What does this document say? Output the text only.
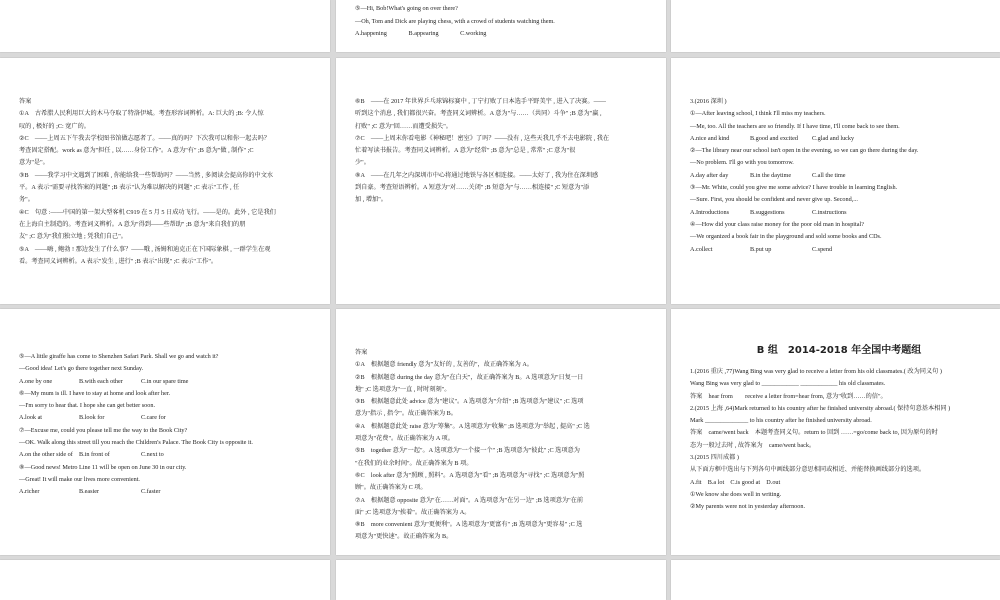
⑤—Hi, Bob!What's going on over there?
—Oh, Tom and Dick are playing chess, with a crowd of students watching them.
A.happening	B.appearing	C.working
答案
①A　古希腊人民利用巨大的木马夺取了特洛伊城。考查形容词辨析。A: 巨大的 ;B: 令人惊
叹的 , 极好的 ;C: 宽广的。
②C　——上周五下午我去学校图书馆做志愿者了。——真的吗？下次我可以和你一起去吗？
考查固定搭配。work as 意为"担任 , 以……身份工作"。A 意为"有" ;B 意为"做 , 制作" ;C
意为"是"。
③B　——我学习中文遇到了困难 , 你能给我一些帮助吗？——当然 , 多阅读会提高你的中文水
平。A 表示"需要寻找答案的问题" ;B 表示"认为难以解决的问题" ;C 表示"工作 , 任
务"。
④C　句意 :——中国的第一架大型客机 C919 在 5 月 5 日成功飞行。——是的。此外 , 它是我们
在上海自主制造的。考查词义辨析。A 意为"得到——些帮助" ;B 意为"来自我们的朋
友" ;C 意为"我们独立地 ; 凭我们自己"。
⑤A　——嗨 , 鲍勃 ! 那边发生了什么事？——哦 , 汤姆和迪克正在下国际象棋 , 一群学生在观
看。考查同义词辨析。A 表示"发生 , 进行" ;B 表示"出现" ;C 表示"工作"。
⑥B　——在 2017 年世界乒乓球锦标赛中 , 丁宁打败了日本选手平野美宇 , 进入了决赛。——
听到这个消息 , 我们都很兴奋。考查同义词辨析。A 意为"与……（共同）斗争" ;B 意为"赢 ,
打败" ;C 意为"回……而遭受损失"。
⑦C　——上周末你看电影《神秘吧！密室》了吗？——没有 , 这些天我几乎不去电影院 , 我在
忙着写读书报告。考查同义词辨析。A 意为"经常" ;B 意为"总是 , 常常" ;C 意为"很
少"。
⑧A　——在几年之内深圳市中心将通过地铁与各区相连接。——太好了 , 我为住在深圳感
到自豪。考查短语辨析。A 短意为"对……关闭" ;B 短意为"与……相连接" ;C 短意为"添
加 , 增加"。
3.(2016 深圳 )
①—After leaving school, I think I'll miss my teachers.
—Me, too. All the teachers are so friendly. If I have time, I'll come back to see them.
A.nice and kind	B.good and excited C.glad and lucky
②—The library near our school isn't open in the evening, so we can go there during the day.
—No problem. I'll go with you tomorrow.
A.day after day	B.in the daytime	C.all the time
③—Mr. White, could you give me some advice? I have trouble in learning English.
—Sure. First, you should be confident and never give up. Second,...
A.Introductions	B.suggestions	C.instructions
④—How did your class raise money for the poor old man in hospital?
—We organized a book fair in the playground and sold some books and CDs.
A.collect	B.put up	C.spend
⑤—A little giraffe has come to Shenzhen Safari Park. Shall we go and watch it?
—Good idea! Let's go there together next Sunday.
A.one by one	B.with each other	C.in our spare time
⑥—My mum is ill. I have to stay at home and look after her.
—I'm sorry to hear that. I hope she can get better soon.
A.look at	B.look for	C.care for
⑦—Excuse me, could you please tell me the way to the Book City?
—OK. Walk along this street till you reach the Children's Palace. The Book City is opposite it.
A.on the other side of B.in front of	C.next to
⑧—Good news! Metro Line 11 will be open on June 30 in our city.
—Great! It will make our lives more convenient.
A.richer	B.easier	C.faster
答案
①A　根据题意 friendly 意为"友好的 , 友善的"，故正确答案为 A。
②B　根据题意 during the day 意为"在白天"，故正确答案为 B。A 选项意为"日复一日
地" ;C 选项意为"一直 , 时时刻刻"。
③B　根据题意此处 advice 意为"建议"。A 选项意为"介绍" ;B 选项意为"建议" ;C 选项
意为"指示 , 指令"。故正确答案为 B。
④A　根据题意此处 raise 意为"筹集"。A 选项意为"收集" ;B 选项意为"举起 , 提高" ;C 选
项意为"花费"。故正确答案为 A 项。
⑤B　together 意为"一起"。A 选项意为"一个接一个" ;B 选项意为"彼此" ;C 选项意为
"在我们的业余时间"。故正确答案为 B 项。
⑥C　look after 意为"照顾 , 照料"。A 选项意为"看" ;B 选项意为"寻找" ;C 选项意为"照
顾"。故正确答案为 C 项。
⑦A　根据题意 opposite 意为"在……对面"。A 选项意为"在另一边" ;B 选项意为"在前
面" ;C 选项意为"挨着"。故正确答案为 A。
⑧B　more convenient 意为"更便利"。A 选项意为"更富有" ;B 选项意为"更容易" ;C 选
项意为"更快速"。故正确答案为 B。
B 组　2014-2018 年全国中考题组
1.(2016 重庆 ,77)Wang Bing was very glad to receive a letter from his old classmates.( 改为同义句 )
Wang Bing was very glad to ____________ ____________ his old classmates.
答案　hear from　　receive a letter from=hear from, 意为"收到……的信"。
2.(2015 上海 ,64)Mark returned to his country after he finished university abroad.( 保持句意基本相同 )
Mark ______________ to his country after he finished university abroad.
答案　came/went back　本题考查同义句。return to 回到 ……=go/come back to, 因为原句的时
态为一般过去时 , 故答案为　came/went back。
3.(2015 四川成都 )
从下面方框中选出与下列各句中画线部分意思相同或相近、并能替换画线部分的选项。
A.fit　B.a lot　C.is good at　D.out
①We know she does well in writing.
②My parents were not in yesterday afternoon.
